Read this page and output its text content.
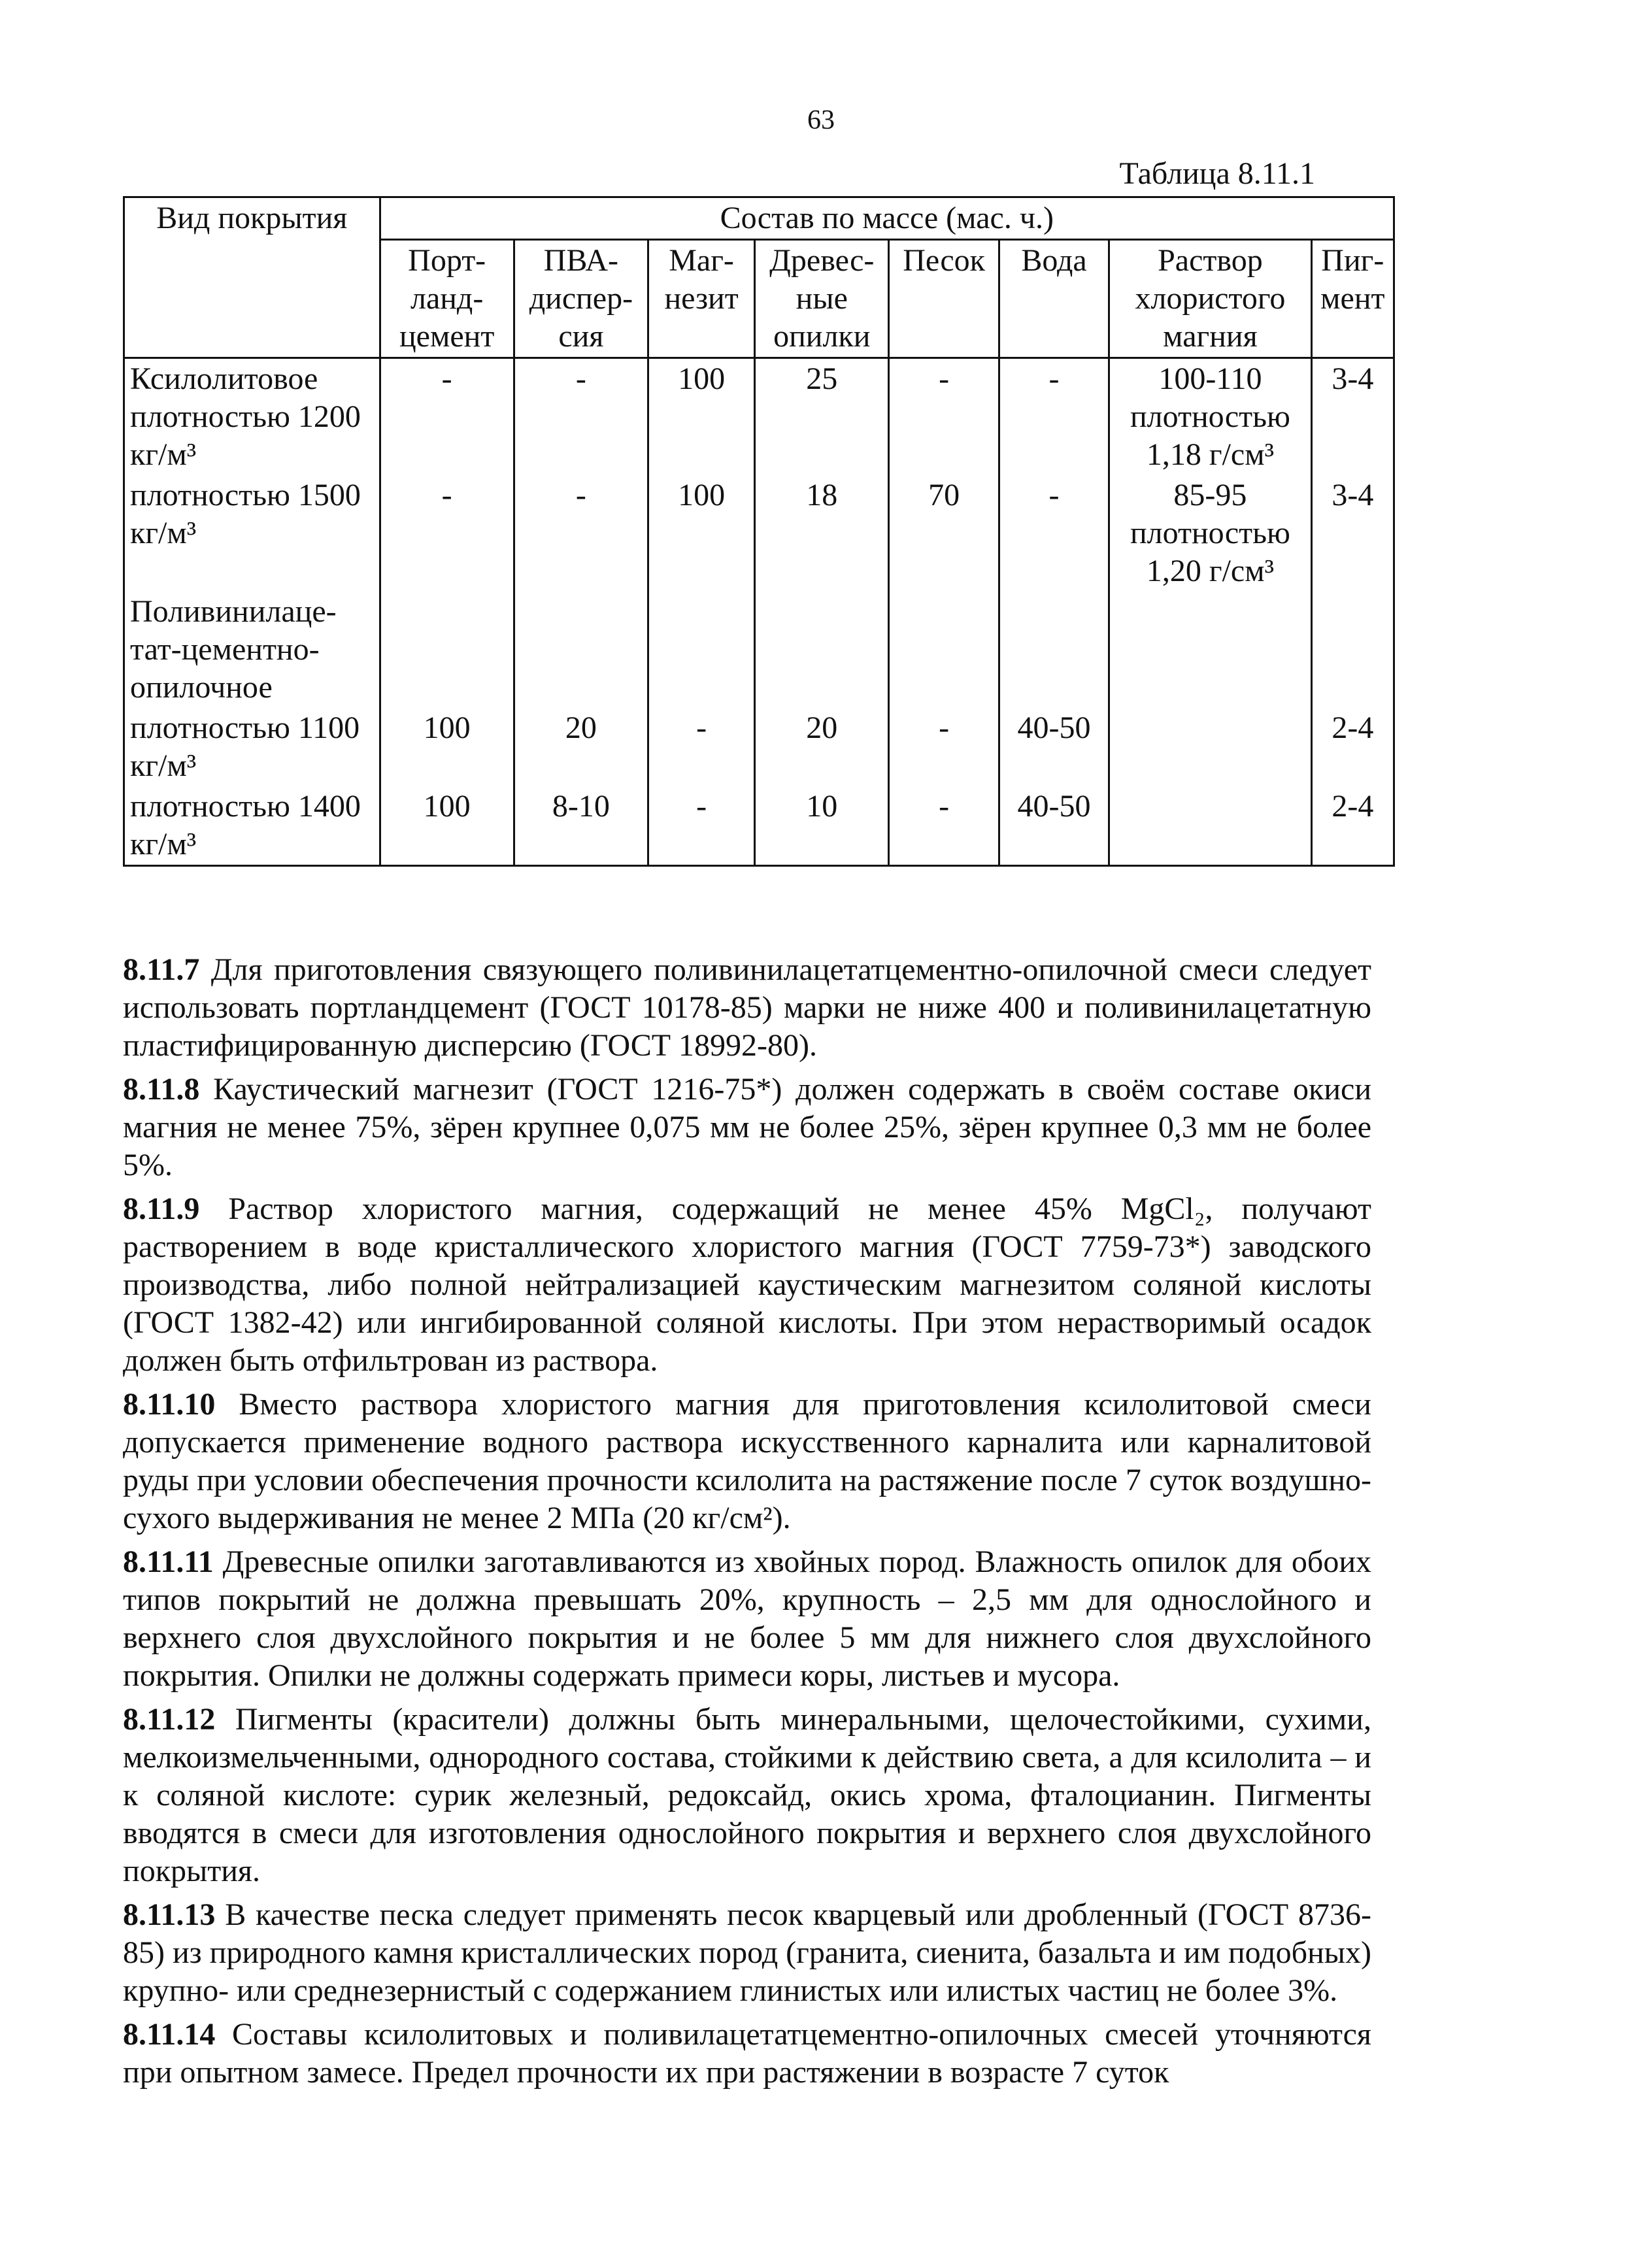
63
Таблица 8.11.1
Вид покрытия	Состав по массе (мас. ч.)							
	Порт-ланд-цемент	ПВА-диспер-сия	Маг-незит	Древес-ные опилки	Песок	Вода	Раствор хлористого магния	Пиг-мент
Ксилолитовое плотностью 1200 кг/м³	-	-	100	25	-	-	100-110 плотностью 1,18 г/см³	3-4
плотностью 1500 кг/м³	-	-	100	18	70	-	85-95 плотностью 1,20 г/см³	3-4
Поливинилаце-тат-цементно-опилочное								
плотностью 1100 кг/м³	100	20	-	20	-	40-50		2-4
плотностью 1400 кг/м³	100	8-10	-	10	-	40-50		2-4

8.11.7 Для приготовления связующего поливинилацетатцементно-опилочной смеси следует использовать портландцемент (ГОСТ 10178-85) марки не ниже 400 и поливинилацетатную пластифицированную дисперсию (ГОСТ 18992-80).

8.11.8 Каустический магнезит (ГОСТ 1216-75*) должен содержать в своём составе окиси магния не менее 75%, зёрен крупнее 0,075 мм не более 25%, зёрен крупнее 0,3 мм не более 5%.

8.11.9 Раствор хлористого магния, содержащий не менее 45% MgCl₂, получают растворением в воде кристаллического хлористого магния (ГОСТ 7759-73*) заводского производства, либо полной нейтрализацией каустическим магнезитом соляной кислоты (ГОСТ 1382-42) или ингибированной соляной кислоты. При этом нерастворимый осадок должен быть отфильтрован из раствора.

8.11.10 Вместо раствора хлористого магния для приготовления ксилолитовой смеси допускается применение водного раствора искусственного карналита или карналитовой руды при условии обеспечения прочности ксилолита на растяжение после 7 суток воздушно-сухого выдерживания не менее 2 МПа (20 кг/см²).

8.11.11 Древесные опилки заготавливаются из хвойных пород. Влажность опилок для обоих типов покрытий не должна превышать 20%, крупность – 2,5 мм для однослойного и верхнего слоя двухслойного покрытия и не более 5 мм для нижнего слоя двухслойного покрытия. Опилки не должны содержать примеси коры, листьев и мусора.

8.11.12 Пигменты (красители) должны быть минеральными, щелочестойкими, сухими, мелкоизмельченными, однородного состава, стойкими к действию света, а для ксилолита – и к соляной кислоте: сурик железный, редоксайд, окись хрома, фталоцианин. Пигменты вводятся в смеси для изготовления однослойного покрытия и верхнего слоя двухслойного покрытия.

8.11.13 В качестве песка следует применять песок кварцевый или дробленный (ГОСТ 8736-85) из природного камня кристаллических пород (гранита, сиенита, базальта и им подобных) крупно- или среднезернистый с содержанием глинистых или илистых частиц не более 3%.

8.11.14 Составы ксилолитовых и поливилацетатцементно-опилочных смесей уточняются при опытном замесе. Предел прочности их при растяжении в возрасте 7 суток
